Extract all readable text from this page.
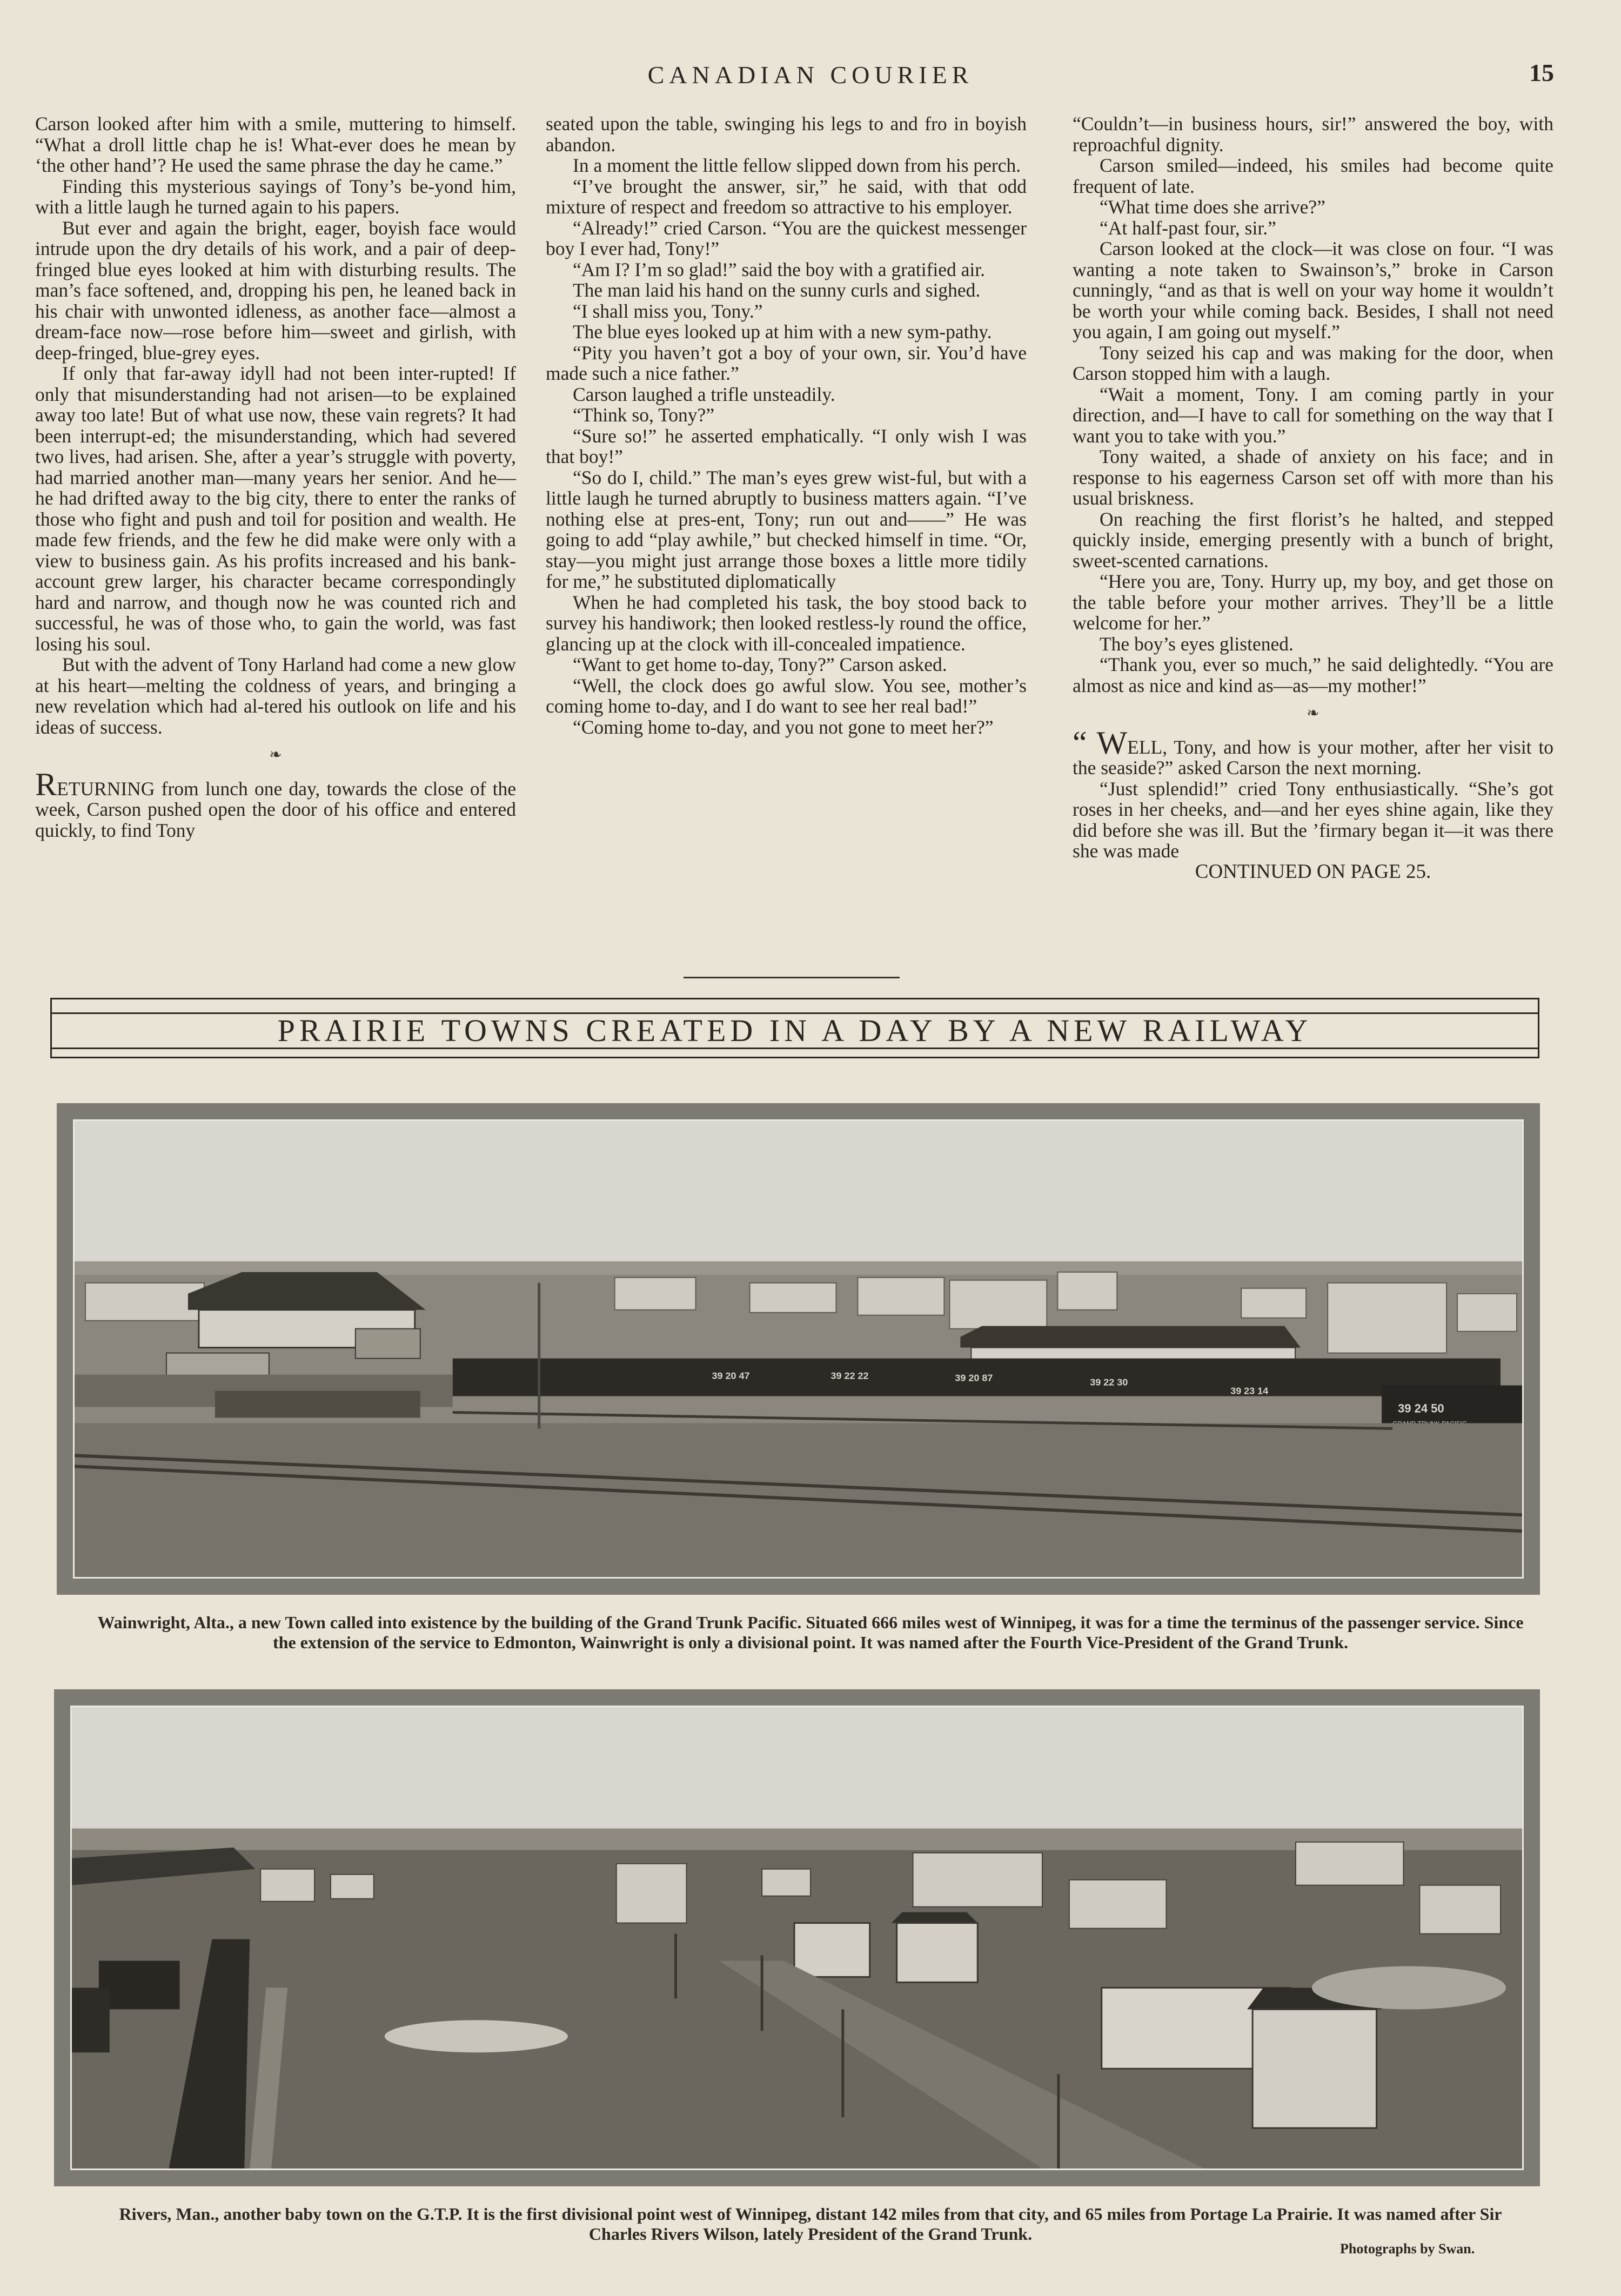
CANADIAN COURIER	15

Carson looked after him with a smile, muttering to himself. “What a droll little chap he is! What-ever does he mean by ‘the other hand’? He used the same phrase the day he came.”

Finding this mysterious sayings of Tony’s be-yond him, with a little laugh he turned again to his papers.

But ever and again the bright, eager, boyish face would intrude upon the dry details of his work, and a pair of deep-fringed blue eyes looked at him with disturbing results. The man’s face softened, and, dropping his pen, he leaned back in his chair with unwonted idleness, as another face—almost a dream-face now—rose before him—sweet and girlish, with deep-fringed, blue-grey eyes.

If only that far-away idyll had not been inter-rupted! If only that misunderstanding had not arisen—to be explained away too late! But of what use now, these vain regrets? It had been interrupt-ed; the misunderstanding, which had severed two lives, had arisen. She, after a year’s struggle with poverty, had married another man—many years her senior. And he—he had drifted away to the big city, there to enter the ranks of those who fight and push and toil for position and wealth. He made few friends, and the few he did make were only with a view to business gain. As his profits increased and his bank-account grew larger, his character became correspondingly hard and narrow, and though now he was counted rich and successful, he was of those who, to gain the world, was fast losing his soul.

But with the advent of Tony Harland had come a new glow at his heart—melting the coldness of years, and bringing a new revelation which had al-tered his outlook on life and his ideas of success.

❧

RETURNING from lunch one day, towards the close of the week, Carson pushed open the door of his office and entered quickly, to find Tony

seated upon the table, swinging his legs to and fro in boyish abandon.

In a moment the little fellow slipped down from his perch.

“I’ve brought the answer, sir,” he said, with that odd mixture of respect and freedom so attractive to his employer.

“Already!” cried Carson. “You are the quickest messenger boy I ever had, Tony!”

“Am I? I’m so glad!” said the boy with a gratified air.

The man laid his hand on the sunny curls and sighed.

“I shall miss you, Tony.”

The blue eyes looked up at him with a new sym-pathy.

“Pity you haven’t got a boy of your own, sir. You’d have made such a nice father.”

Carson laughed a trifle unsteadily.

“Think so, Tony?”

“Sure so!” he asserted emphatically. “I only wish I was that boy!”

“So do I, child.” The man’s eyes grew wist-ful, but with a little laugh he turned abruptly to business matters again. “I’ve nothing else at pres-ent, Tony; run out and——” He was going to add “play awhile,” but checked himself in time. “Or, stay—you might just arrange those boxes a little more tidily for me,” he substituted diplomatically

When he had completed his task, the boy stood back to survey his handiwork; then looked restless-ly round the office, glancing up at the clock with ill-concealed impatience.

“Want to get home to-day, Tony?” Carson asked.

“Well, the clock does go awful slow. You see, mother’s coming home to-day, and I do want to see her real bad!”

“Coming home to-day, and you not gone to meet her?”

“Couldn’t—in business hours, sir!” answered the boy, with reproachful dignity.

Carson smiled—indeed, his smiles had become quite frequent of late.

“What time does she arrive?”

“At half-past four, sir.”

Carson looked at the clock—it was close on four. “I was wanting a note taken to Swainson’s,” broke in Carson cunningly, “and as that is well on your way home it wouldn’t be worth your while coming back. Besides, I shall not need you again, I am going out myself.”

Tony seized his cap and was making for the door, when Carson stopped him with a laugh.

“Wait a moment, Tony. I am coming partly in your direction, and—I have to call for something on the way that I want you to take with you.”

Tony waited, a shade of anxiety on his face; and in response to his eagerness Carson set off with more than his usual briskness.

On reaching the first florist’s he halted, and stepped quickly inside, emerging presently with a bunch of bright, sweet-scented carnations.

“Here you are, Tony. Hurry up, my boy, and get those on the table before your mother arrives. They’ll be a little welcome for her.”

The boy’s eyes glistened.

“Thank you, ever so much,” he said delightedly. “You are almost as nice and kind as—as—my mother!”

❧

“ WELL, Tony, and how is your mother, after her visit to the seaside?” asked Carson the next morning.

“Just splendid!” cried Tony enthusiastically. “She’s got roses in her cheeks, and—and her eyes shine again, like they did before she was ill. But the ’firmary began it—it was there she was made

CONTINUED ON PAGE 25.

PRAIRIE TOWNS CREATED IN A DAY BY A NEW RAILWAY
39 20 47	39 22 22	39 20 87	39 22 30
39 23 14
39 24 50
Wainwright, Alta., a new Town called into existence by the building of the Grand Trunk Pacific. Situated 666 miles west of Winnipeg, it was for a time the terminus of the passenger service. Since the extension of the service to Edmonton, Wainwright is only a divisional point. It was named after the Fourth Vice-President of the Grand Trunk.
Rivers, Man., another baby town on the G.T.P. It is the first divisional point west of Winnipeg, distant 142 miles from that city, and 65 miles from Portage La Prairie. It was named after Sir Charles Rivers Wilson, lately President of the Grand Trunk.
Photographs by Swan.
